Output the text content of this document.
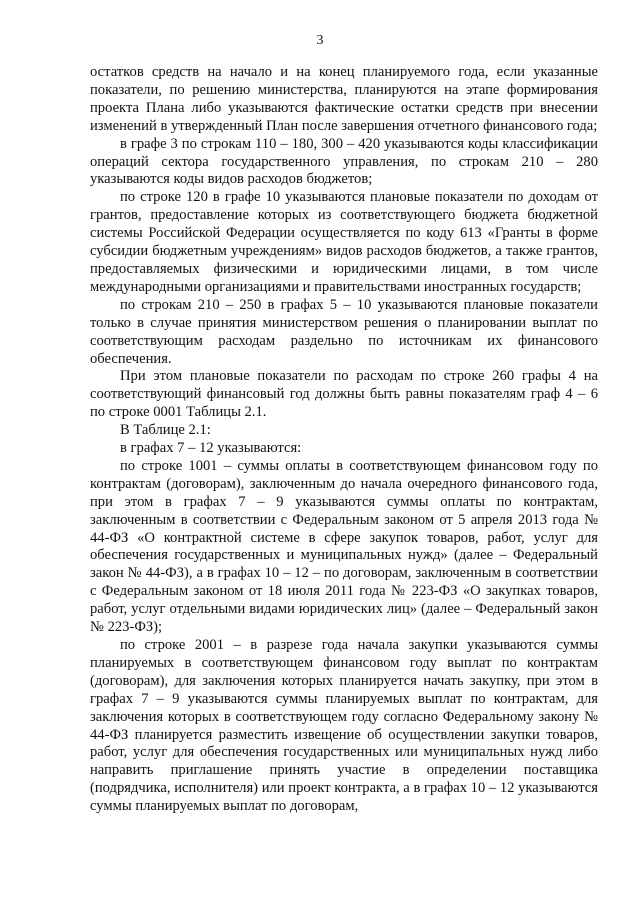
3

остатков средств на начало и на конец планируемого года, если указанные показатели, по решению министерства, планируются на этапе формирования проекта Плана либо указываются фактические остатки средств при внесении изменений в утвержденный План после завершения отчетного финансового года;

в графе 3 по строкам 110 – 180, 300 – 420 указываются коды классификации операций сектора государственного управления, по строкам 210 – 280 указываются коды видов расходов бюджетов;

по строке 120 в графе 10 указываются плановые показатели по доходам от грантов, предоставление которых из соответствующего бюджета бюджетной системы Российской Федерации осуществляется по коду 613 «Гранты в форме субсидии бюджетным учреждениям» видов расходов бюджетов, а также грантов, предоставляемых физическими и юридическими лицами, в том числе международными организациями и правительствами иностранных государств;

по строкам 210 – 250 в графах 5 – 10 указываются плановые показатели только в случае принятия министерством решения о планировании выплат по соответствующим расходам раздельно по источникам их финансового обеспечения.

При этом плановые показатели по расходам по строке 260 графы 4 на соответствующий финансовый год должны быть равны показателям граф 4 – 6 по строке 0001 Таблицы 2.1.

В Таблице 2.1:

в графах 7 – 12 указываются:

по строке 1001 – суммы оплаты в соответствующем финансовом году по контрактам (договорам), заключенным до начала очередного финансового года, при этом в графах 7 – 9 указываются суммы оплаты по контрактам, заключенным в соответствии с Федеральным законом от 5 апреля 2013 года № 44-ФЗ «О контрактной системе в сфере закупок товаров, работ, услуг для обеспечения государственных и муниципальных нужд» (далее – Федеральный закон № 44-ФЗ), а в графах 10 – 12 – по договорам, заключенным в соответствии с Федеральным законом от 18 июля 2011 года № 223-ФЗ «О закупках товаров, работ, услуг отдельными видами юридических лиц» (далее – Федеральный закон № 223-ФЗ);

по строке 2001 – в разрезе года начала закупки указываются суммы планируемых в соответствующем финансовом году выплат по контрактам (договорам), для заключения которых планируется начать закупку, при этом в графах 7 – 9 указываются суммы планируемых выплат по контрактам, для заключения которых в соответствующем году согласно Федеральному закону № 44-ФЗ планируется разместить извещение об осуществлении закупки товаров, работ, услуг для обеспечения государственных или муниципальных нужд либо направить приглашение принять участие в определении поставщика (подрядчика, исполнителя) или проект контракта, а в графах 10 – 12 указываются суммы планируемых выплат по договорам,
